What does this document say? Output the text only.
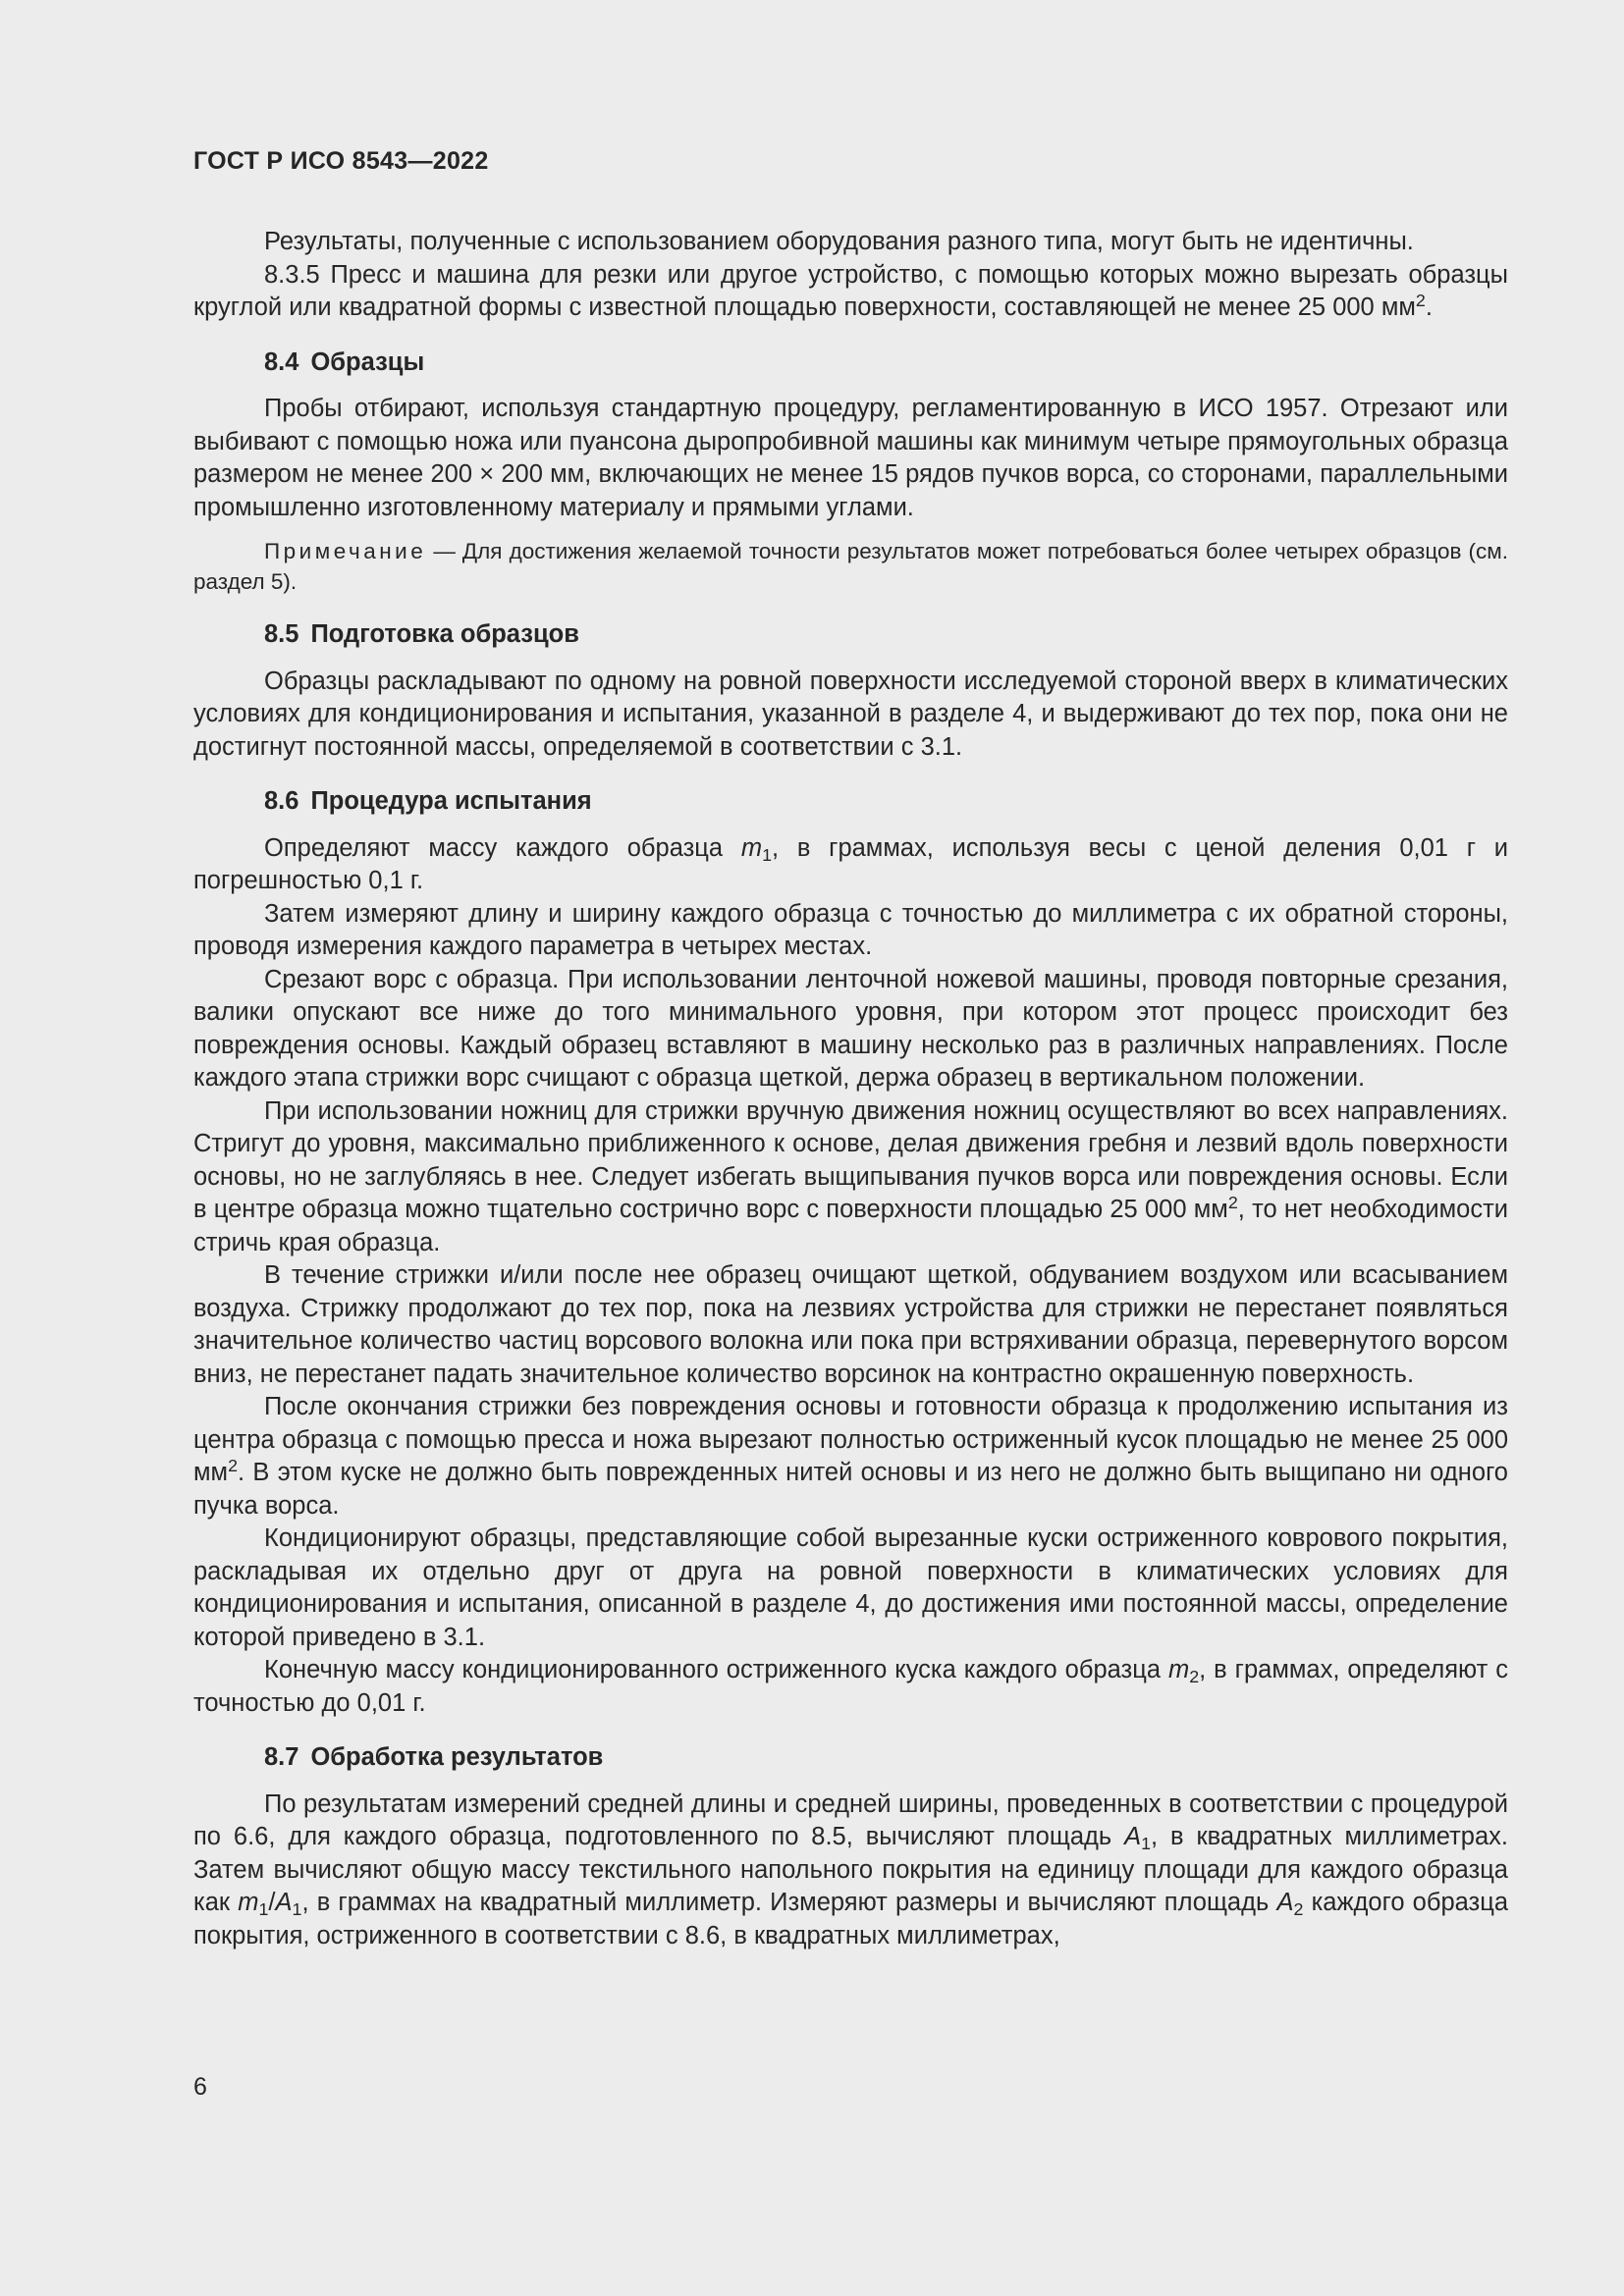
ГОСТ Р ИСО 8543—2022

Результаты, полученные с использованием оборудования разного типа, могут быть не идентичны.

8.3.5 Пресс и машина для резки или другое устройство, с помощью которых можно вырезать образцы круглой или квадратной формы с известной площадью поверхности, составляющей не менее 25 000 $мм^2$.

8.4 Образцы

Пробы отбирают, используя стандартную процедуру, регламентированную в ИСО 1957. Отрезают или выбивают с помощью ножа или пуансона дыропробивной машины как минимум четыре прямоугольных образца размером не менее 200 × 200 мм, включающих не менее 15 рядов пучков ворса, со сторонами, параллельными промышленно изготовленному материалу и прямыми углами.

Примечание — Для достижения желаемой точности результатов может потребоваться более четырех образцов (см. раздел 5).

8.5 Подготовка образцов

Образцы раскладывают по одному на ровной поверхности исследуемой стороной вверх в климатических условиях для кондиционирования и испытания, указанной в разделе 4, и выдерживают до тех пор, пока они не достигнут постоянной массы, определяемой в соответствии с 3.1.

8.6 Процедура испытания

Определяют массу каждого образца $m_1$, в граммах, используя весы с ценой деления 0,01 г и погрешностью 0,1 г.

Затем измеряют длину и ширину каждого образца с точностью до миллиметра с их обратной стороны, проводя измерения каждого параметра в четырех местах.

Срезают ворс с образца. При использовании ленточной ножевой машины, проводя повторные срезания, валики опускают все ниже до того минимального уровня, при котором этот процесс происходит без повреждения основы. Каждый образец вставляют в машину несколько раз в различных направлениях. После каждого этапа стрижки ворс счищают с образца щеткой, держа образец в вертикальном положении.

При использовании ножниц для стрижки вручную движения ножниц осуществляют во всех направлениях. Стригут до уровня, максимально приближенного к основе, делая движения гребня и лезвий вдоль поверхности основы, но не заглубляясь в нее. Следует избегать выщипывания пучков ворса или повреждения основы. Если в центре образца можно тщательно сострично ворс с поверхности площадью 25 000 $мм^2$, то нет необходимости стричь края образца.

В течение стрижки и/или после нее образец очищают щеткой, обдуванием воздухом или всасыванием воздуха. Стрижку продолжают до тех пор, пока на лезвиях устройства для стрижки не перестанет появляться значительное количество частиц ворсового волокна или пока при встряхивании образца, перевернутого ворсом вниз, не перестанет падать значительное количество ворсинок на контрастно окрашенную поверхность.

После окончания стрижки без повреждения основы и готовности образца к продолжению испытания из центра образца с помощью пресса и ножа вырезают полностью остриженный кусок площадью не менее 25 000 $мм^2$. В этом куске не должно быть поврежденных нитей основы и из него не должно быть выщипано ни одного пучка ворса.

Кондиционируют образцы, представляющие собой вырезанные куски остриженного коврового покрытия, раскладывая их отдельно друг от друга на ровной поверхности в климатических условиях для кондиционирования и испытания, описанной в разделе 4, до достижения ими постоянной массы, определение которой приведено в 3.1.

Конечную массу кондиционированного остриженного куска каждого образца $m_2$, в граммах, определяют с точностью до 0,01 г.

8.7 Обработка результатов

По результатам измерений средней длины и средней ширины, проведенных в соответствии с процедурой по 6.6, для каждого образца, подготовленного по 8.5, вычисляют площадь $A_1$, в квадратных миллиметрах. Затем вычисляют общую массу текстильного напольного покрытия на единицу площади для каждого образца как $m_1/A_1$, в граммах на квадратный миллиметр. Измеряют размеры и вычисляют площадь $A_2$ каждого образца покрытия, остриженного в соответствии с 8.6, в квадратных миллиметрах,

6
